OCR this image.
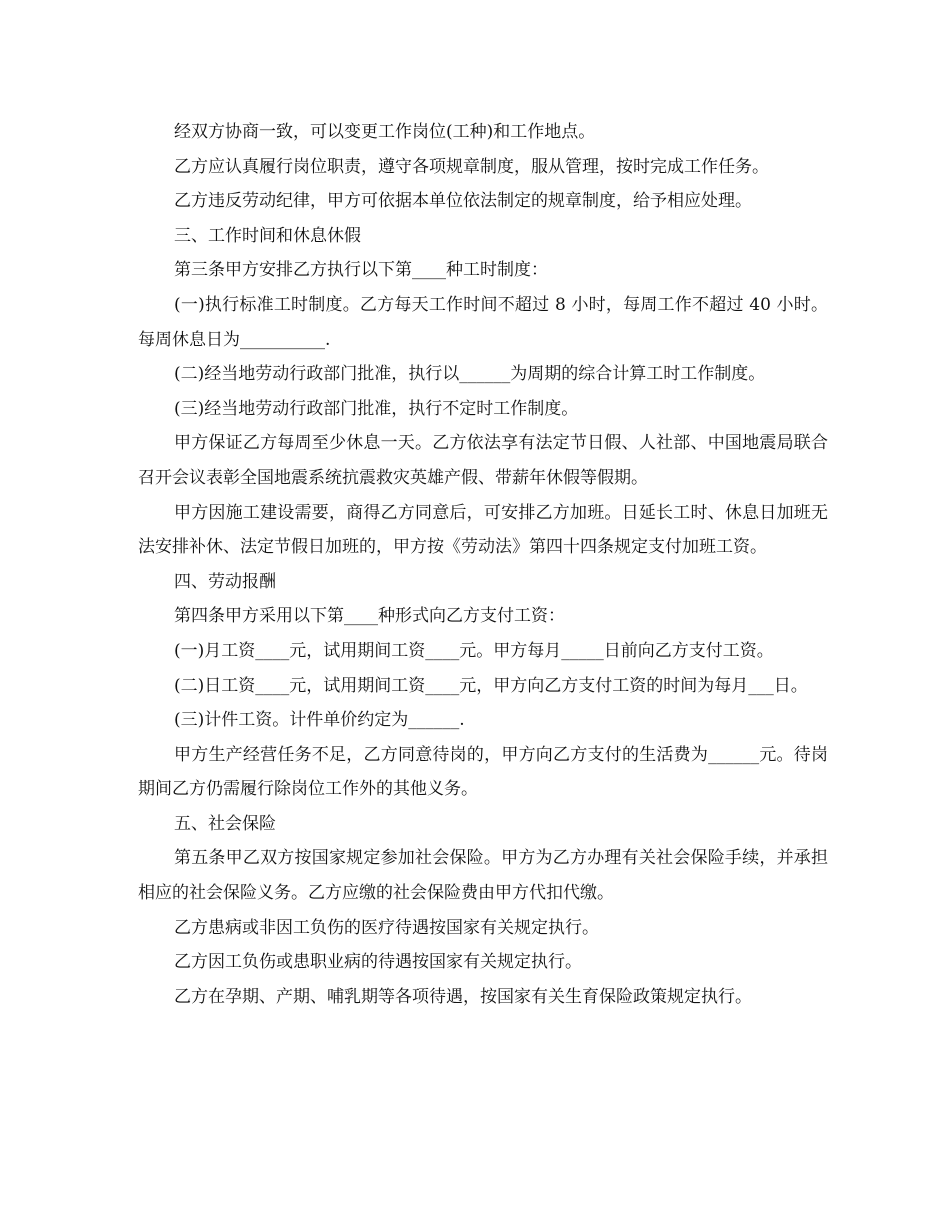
经双方协商一致，可以变更工作岗位(工种)和工作地点。

乙方应认真履行岗位职责，遵守各项规章制度，服从管理，按时完成工作任务。

乙方违反劳动纪律，甲方可依据本单位依法制定的规章制度，给予相应处理。

三、工作时间和休息休假

第三条甲方安排乙方执行以下第____种工时制度：

(一)执行标准工时制度。乙方每天工作时间不超过 8 小时，每周工作不超过 40 小时。每周休息日为__________.

(二)经当地劳动行政部门批准，执行以______为周期的综合计算工时工作制度。

(三)经当地劳动行政部门批准，执行不定时工作制度。

甲方保证乙方每周至少休息一天。乙方依法享有法定节日假、人社部、中国地震局联合召开会议表彰全国地震系统抗震救灾英雄产假、带薪年休假等假期。

甲方因施工建设需要，商得乙方同意后，可安排乙方加班。日延长工时、休息日加班无法安排补休、法定节假日加班的，甲方按《劳动法》第四十四条规定支付加班工资。

四、劳动报酬

第四条甲方采用以下第____种形式向乙方支付工资：

(一)月工资____元，试用期间工资____元。甲方每月_____日前向乙方支付工资。

(二)日工资____元，试用期间工资____元，甲方向乙方支付工资的时间为每月___日。

(三)计件工资。计件单价约定为______.

甲方生产经营任务不足，乙方同意待岗的，甲方向乙方支付的生活费为______元。待岗期间乙方仍需履行除岗位工作外的其他义务。

五、社会保险

第五条甲乙双方按国家规定参加社会保险。甲方为乙方办理有关社会保险手续，并承担相应的社会保险义务。乙方应缴的社会保险费由甲方代扣代缴。

乙方患病或非因工负伤的医疗待遇按国家有关规定执行。

乙方因工负伤或患职业病的待遇按国家有关规定执行。

乙方在孕期、产期、哺乳期等各项待遇，按国家有关生育保险政策规定执行。
